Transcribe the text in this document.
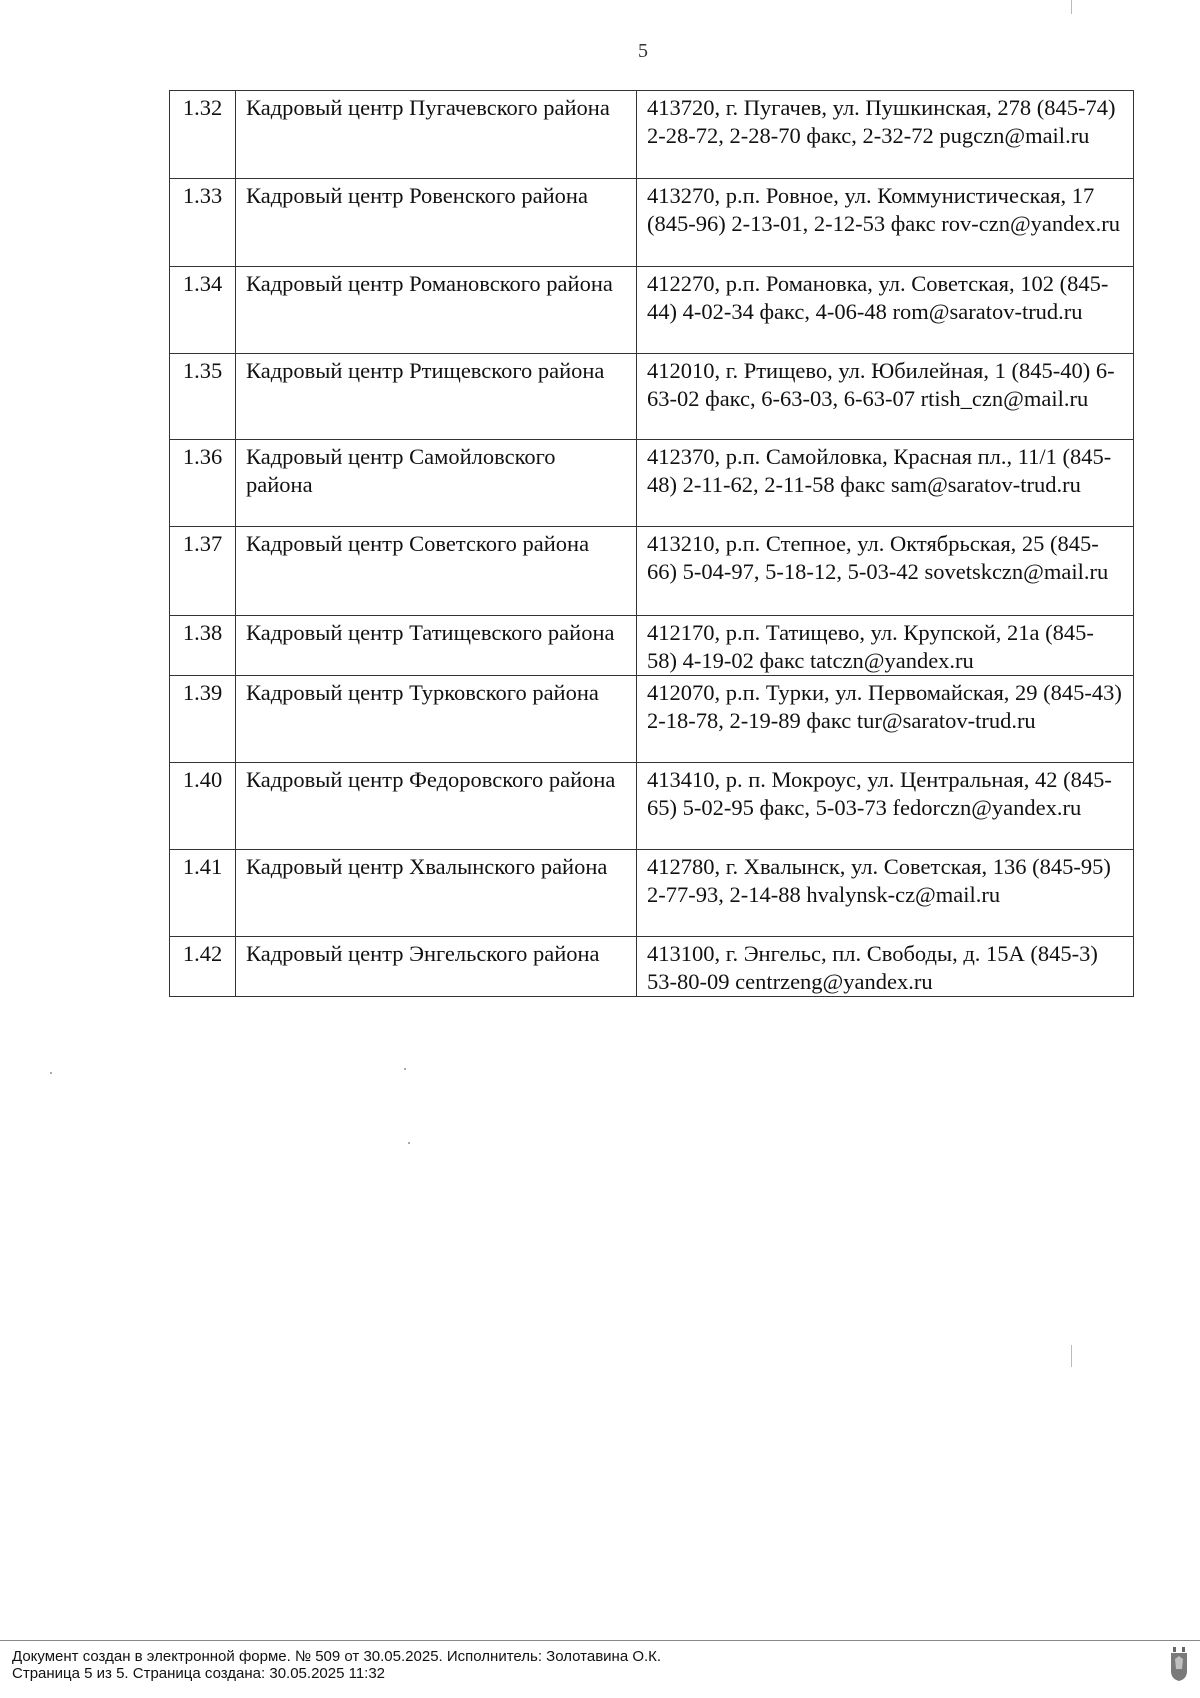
5
1.32	Кадровый центр Пугачевского района	413720, г. Пугачев, ул. Пушкинская, 278 (845-74) 2-28-72, 2-28-70 факс, 2-32-72 pugczn@mail.ru
1.33	Кадровый центр Ровенского района	413270, р.п. Ровное, ул. Коммунистическая, 17 (845-96) 2-13-01, 2-12-53 факс rov-czn@yandex.ru
1.34	Кадровый центр Романовского района	412270, р.п. Романовка, ул. Советская, 102 (845-44) 4-02-34 факс, 4-06-48 rom@saratov-trud.ru
1.35	Кадровый центр Ртищевского района	412010, г. Ртищево, ул. Юбилейная, 1 (845-40) 6-63-02 факс, 6-63-03, 6-63-07 rtish_czn@mail.ru
1.36	Кадровый центр Самойловского района	412370, р.п. Самойловка, Красная пл., 11/1 (845-48) 2-11-62, 2-11-58 факс sam@saratov-trud.ru
1.37	Кадровый центр Советского района	413210, р.п. Степное, ул. Октябрьская, 25 (845-66) 5-04-97, 5-18-12, 5-03-42 sovetskczn@mail.ru
1.38	Кадровый центр Татищевского района	412170, р.п. Татищево, ул. Крупской, 21а (845-58) 4-19-02 факс tatczn@yandex.ru
1.39	Кадровый центр Турковского района	412070, р.п. Турки, ул. Первомайская, 29 (845-43) 2-18-78, 2-19-89 факс tur@saratov-trud.ru
1.40	Кадровый центр Федоровского района	413410, р. п. Мокроус, ул. Центральная, 42 (845-65) 5-02-95 факс, 5-03-73 fedorczn@yandex.ru
1.41	Кадровый центр Хвалынского района	412780, г. Хвалынск, ул. Советская, 136 (845-95) 2-77-93, 2-14-88 hvalynsk-cz@mail.ru
1.42	Кадровый центр Энгельского района	413100, г. Энгельс, пл. Свободы, д. 15А (845-3) 53-80-09 centrzeng@yandex.ru
Документ создан в электронной форме. № 509 от 30.05.2025. Исполнитель: Золотавина О.К.
Страница 5 из 5. Страница создана: 30.05.2025 11:32
